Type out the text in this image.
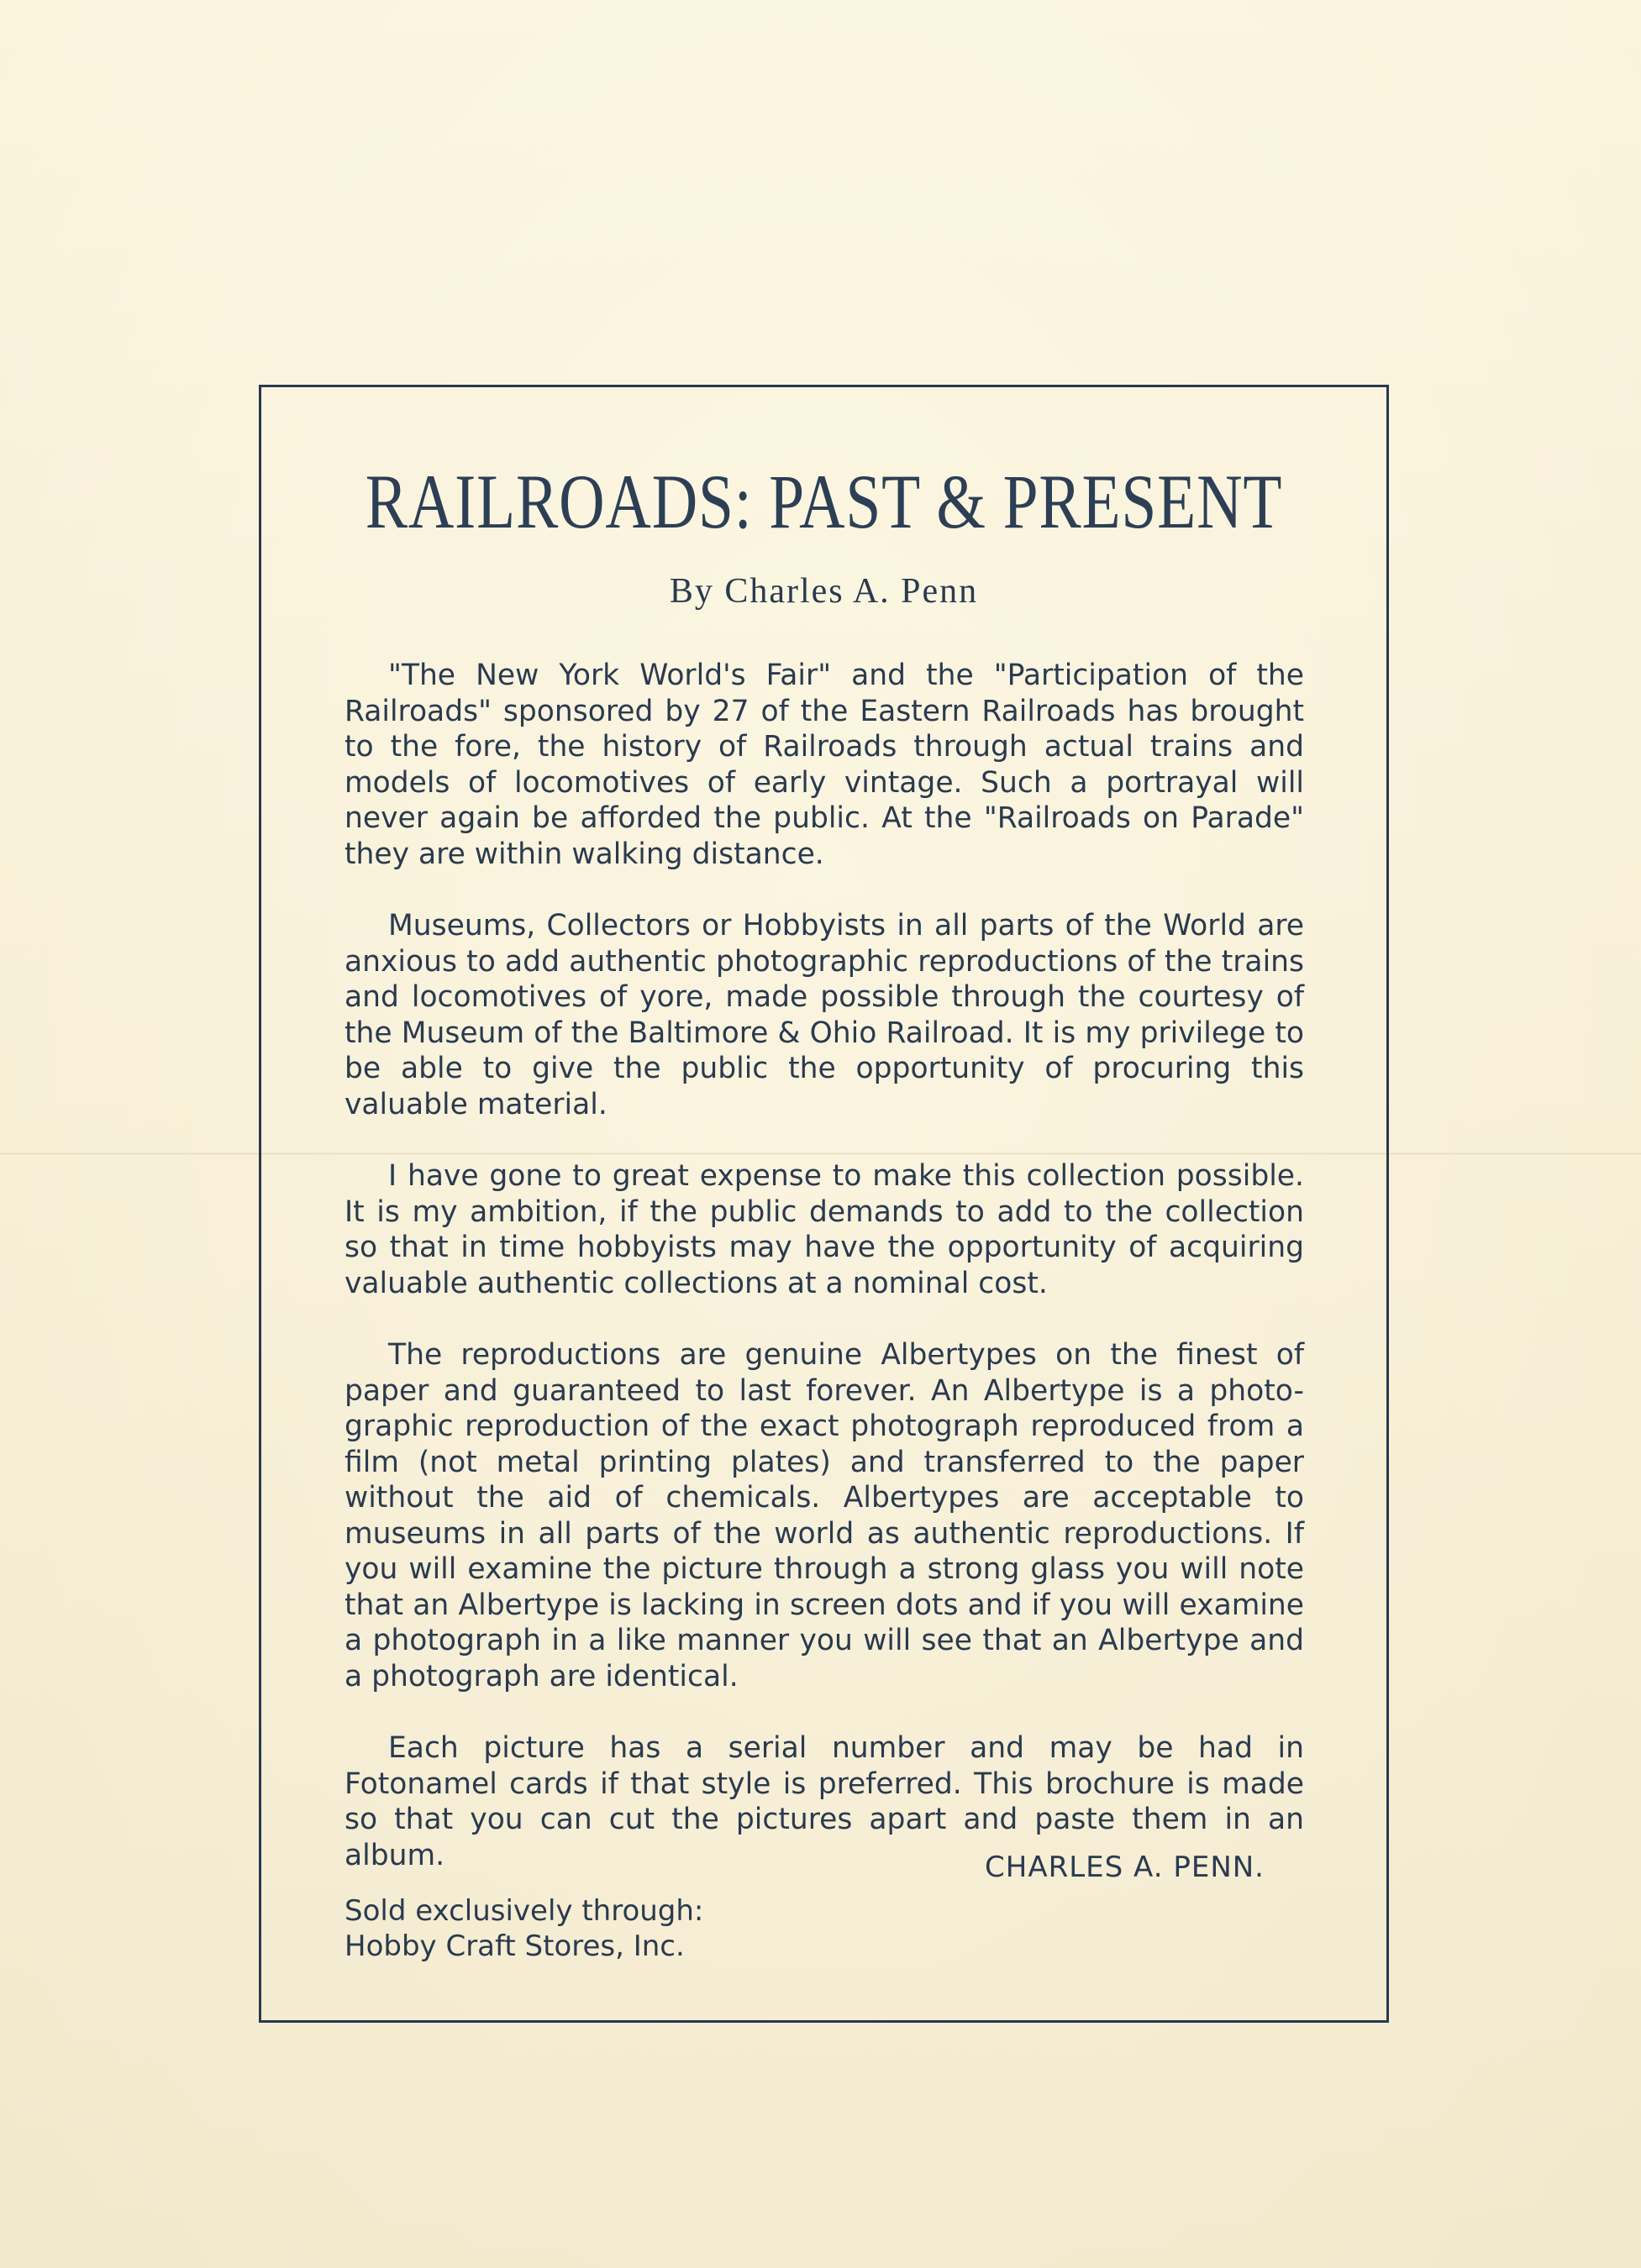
RAILROADS: PAST & PRESENT
By Charles A. Penn

"The New York World's Fair" and the "Participation of the Railroads" sponsored by 27 of the Eastern Railroads has brought to the fore, the history of Railroads through actual trains and models of locomotives of early vintage. Such a portrayal will never again be afforded the public. At the "Railroads on Parade" they are within walking distance.

Museums, Collectors or Hobbyists in all parts of the World are anxious to add authentic photographic reproductions of the trains and locomotives of yore, made possible through the courtesy of the Museum of the Baltimore & Ohio Railroad. It is my privilege to be able to give the public the opportunity of procuring this valuable material.

I have gone to great expense to make this collection possible. It is my ambition, if the public demands to add to the collection so that in time hobbyists may have the opportunity of acquiring valuable authentic collections at a nominal cost.

The reproductions are genuine Albertypes on the finest of paper and guaranteed to last forever. An Albertype is a photo-graphic reproduction of the exact photograph reproduced from a film (not metal printing plates) and transferred to the paper without the aid of chemicals. Albertypes are acceptable to museums in all parts of the world as authentic reproductions. If you will examine the picture through a strong glass you will note that an Albertype is lacking in screen dots and if you will examine a photograph in a like manner you will see that an Albertype and a photograph are identical.

Each picture has a serial number and may be had in Fotonamel cards if that style is preferred. This brochure is made so that you can cut the pictures apart and paste them in an album.	CHARLES A. PENN.
Sold exclusively through:
Hobby Craft Stores, Inc.
